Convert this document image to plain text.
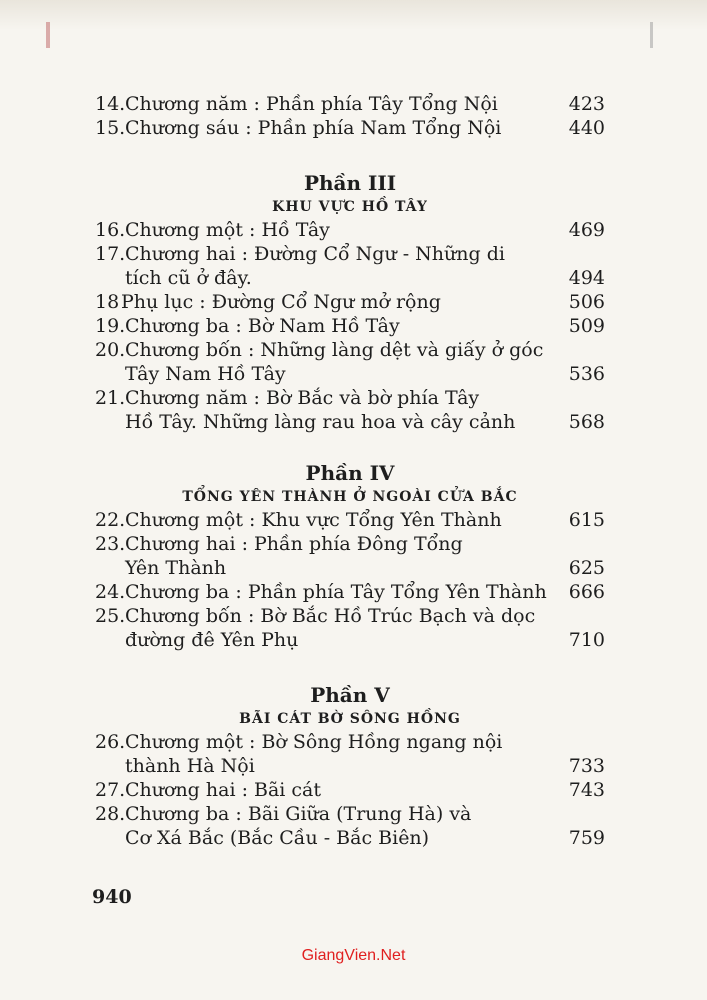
14. Chương năm : Phần phía Tây Tổng Nội	423
15. Chương sáu : Phần phía Nam Tổng Nội	440
Phần III
KHU VỰC HỒ TÂY
16. Chương một : Hồ Tây	469
17. Chương hai : Đường Cổ Ngư - Những di
tích cũ ở đây.	494
18 Phụ lục : Đường Cổ Ngư mở rộng	506
19. Chương ba : Bờ Nam Hồ Tây	509
20. Chương bốn : Những làng dệt và giấy ở góc
Tây Nam Hồ Tây	536
21. Chương năm : Bờ Bắc và bờ phía Tây
Hồ Tây. Những làng rau hoa và cây cảnh	568
Phần IV
TỔNG YÊN THÀNH Ở NGOÀI CỬA BẮC
22. Chương một : Khu vực Tổng Yên Thành	615
23. Chương hai : Phần phía Đông Tổng
Yên Thành	625
24. Chương ba : Phần phía Tây Tổng Yên Thành 666
25. Chương bốn : Bờ Bắc Hồ Trúc Bạch và dọc
đường đê Yên Phụ	710
Phần V
BÃI CÁT BỜ SÔNG HỒNG
26. Chương một : Bờ Sông Hồng ngang nội
thành Hà Nội	733
27. Chương hai : Bãi cát	743
28. Chương ba : Bãi Giữa (Trung Hà) và
Cơ Xá Bắc (Bắc Cầu - Bắc Biên)	759
940
GiangVien.Net
